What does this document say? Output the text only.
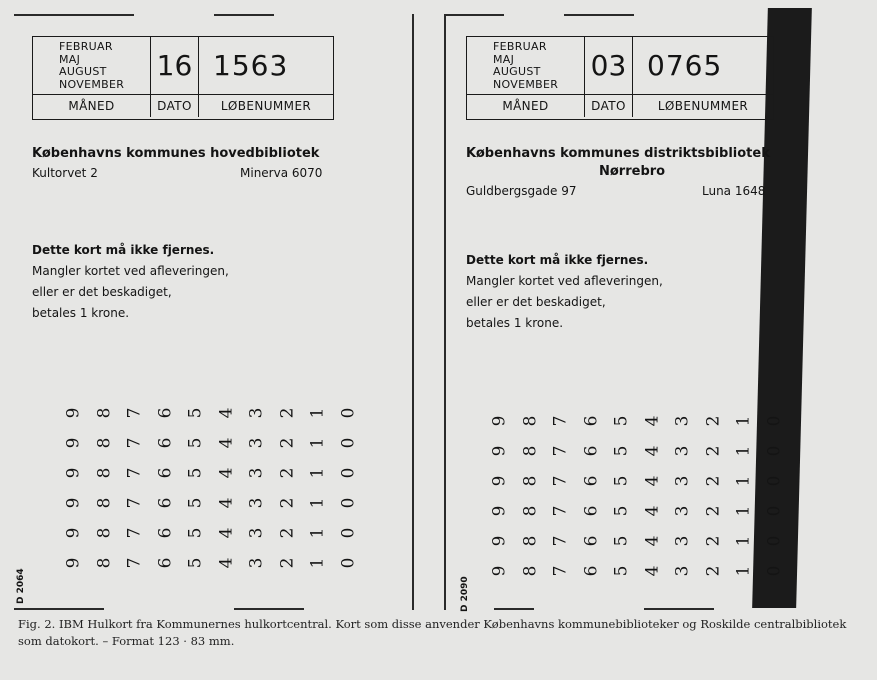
FEBRUAR
MAJ
AUGUST
NOVEMBER
16 1563
MÅNED	DATO	LØBENUMMER
Københavns kommunes hovedbibliotek
Kultorvet 2	Minerva 6070
Dette kort må ikke fjernes.
Mangler kortet ved afleveringen,
eller er det beskadiget,
betales 1 krone.
9 8 7 6 5 4 3 2 1 0
9 8 7 6 5 4 3 2 1 0
9 8 7 6 5 4 3 2 1 0
9 8 7 6 5 4 3 2 1 0
9 8 7 6 5 4 3 2 1 0
9 8 7 6 5 4 3 2 1 0
D 2064
FEBRUAR
MAJ
AUGUST
NOVEMBER
03 0765
MÅNED	DATO	LØBENUMMER
Københavns kommunes distriktsbibliotek
Nørrebro
Guldbergsgade 97	Luna 1648
Dette kort må ikke fjernes.
Mangler kortet ved afleveringen,
eller er det beskadiget,
betales 1 krone.
9 8 7 6 5 4 3 2 1 0
9 8 7 6 5 4 3 2 1 0
9 8 7 6 5 4 3 2 1 0
9 8 7 6 5 4 3 2 1 0
9 8 7 6 5 4 3 2 1 0
9 8 7 6 5 4 3 2 1 0
D 2090
Fig. 2. IBM Hulkort fra Kommunernes hulkortcentral. Kort som disse anvender Københavns kommunebiblioteker og Roskilde centralbibliotek som datokort. – Format 123 · 83 mm.
